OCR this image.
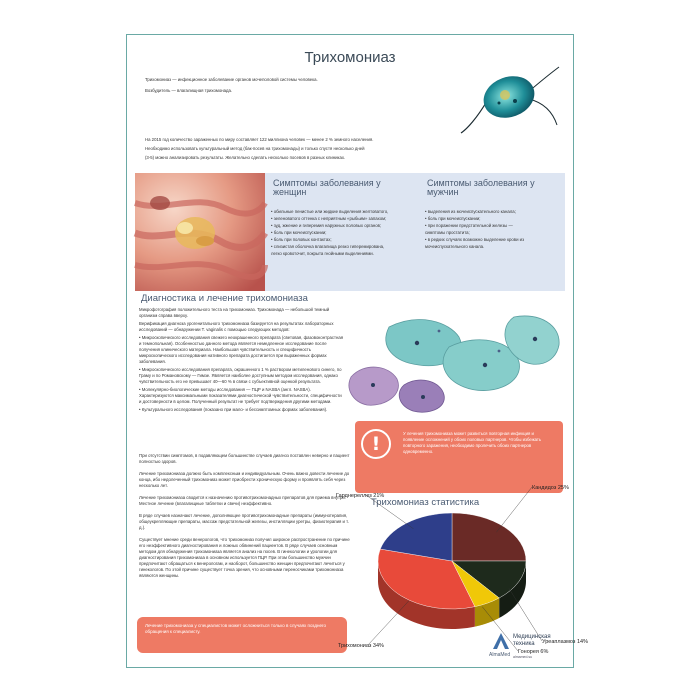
Трихомониаз

Трихомониаз — инфекционное заболевание органов мочеполовой системы человека.

Возбудитель — влагалищная трихомонада.

На 2015 год количество зараженных по миру составляет 122 миллиона человек — менее 2 % земного населения.

Необходимо использовать культуральный метод (бак-посев на трихомонады) и только спустя несколько дней

(3-5) можно анализировать результаты. Желательно сделать несколько посевов в разных клиниках.

Симптомы заболевания у женщин
• обильные пенистые или жидкие выделения желтоватого,
• зеленоватого оттенка с неприятным «рыбьим» запахом;
• зуд, жжение и гиперемия наружных половых органов;
• боль при мочеиспускании;
• боль при половых контактах;
• слизистая оболочка влагалища резко гиперемирована,
легко кровоточит, покрыта гнойными выделениями.
Симптомы заболевания у мужчин
• выделения из мочеиспускательного канала;
• боль при мочеиспускании;
• при поражении предстательной железы —
симптомы простатита;
• в редких случаях возможно выделение крови из
мочеиспускательного канала.
Диагностика и лечение трихомониаза

Микрофотография положительного теста на трихомониаз. Трихомонада — небольшой темный организм справа вверху.

Верификация диагноза урогенитального трихомониаза базируется на результатах лабораторных исследований — обнаружении T. vaginalis с помощью следующих методов:

• Микроскопического исследования свежего неокрашенного препарата (световая, фазовоконтрастная и темнопольная). Особенностью данного метода является немедленное исследование после получения клинического материала. Наибольшая чувствительность и специфичность микроскопического исследования нативного препарата достигается при выраженных формах заболевания.

• Микроскопического исследования препарата, окрашенного 1 % раствором метиленового синего, по Граму и по Романовскому — Гимзе. Является наиболее доступным методом исследования, однако чувствительность его не превышает 40—60 % в связи с субъективной оценкой результата.

• Молекулярно-биологические методы исследования — ПЦР и NASBA (англ. NASBA). Характеризуются максимальными показателями диагностической чувствительности, специфичности и достоверности в целом. Полученный результат не требует подтверждения другими методами.

• Культурального исследования (показано при мало- и бессимптомных формах заболевания).

При отсутствии симптомов, в подавляющем большинстве случаев диагноз поставлен неверно и пациент полностью здоров.

Лечение трихомониаза должно быть комплексным и индивидуальным. Очень важно довести лечение до конца, ибо недолеченный трихомониаз может приобрести хроническую форму и проявлять себя через несколько лет.

Лечение трихомониаза сводится к назначению противотрихомонадных препаратов для приема внутрь. Местное лечение (влагалищные таблетки и свечи) неэффективно.

В ряде случаев назначают лечение, дополняющее противотрихомонадные препараты (иммунотерапия, общеукрепляющие препараты, массаж предстательной железы, инстилляции уретры, физиотерапия и т. д.).

Существует мнение среди венерологов, что трихомониаз получил широкое распространение по причине его неэффективного диагностирования и ложных обвинений пациентов. В ряде случаев основным методом для обнаружения трихомониаза является анализ на посев. В гинекологии и урологии для диагностирования трихомониаза в основном используется ПЦР. При этом большинство мужчин предпочитают обращаться к венерологам, и наоборот, большинство женщин предпочитают лечиться у гинекологов. По этой причине существует точка зрения, что основными переносчиками трихомониаза являются женщины.

Лечение трихомониаза у специалистов может осложниться только в случаях позднего обращения к специалисту.
!	У лечения трихомониаза может развиться повторная инфекция и появление осложнений у обоих половых партнеров. Чтобы избежать повторного заражения, необходимо пролечить обоих партнеров одновременно.
Трихомониаз статистика
Кандидоз 25%
Уреаплазмоз 14%
Гонорея 6%
Трихомониаз 34%
Гарднереллез 21%
Медицинская
техника
AlmaMed almamed.su
